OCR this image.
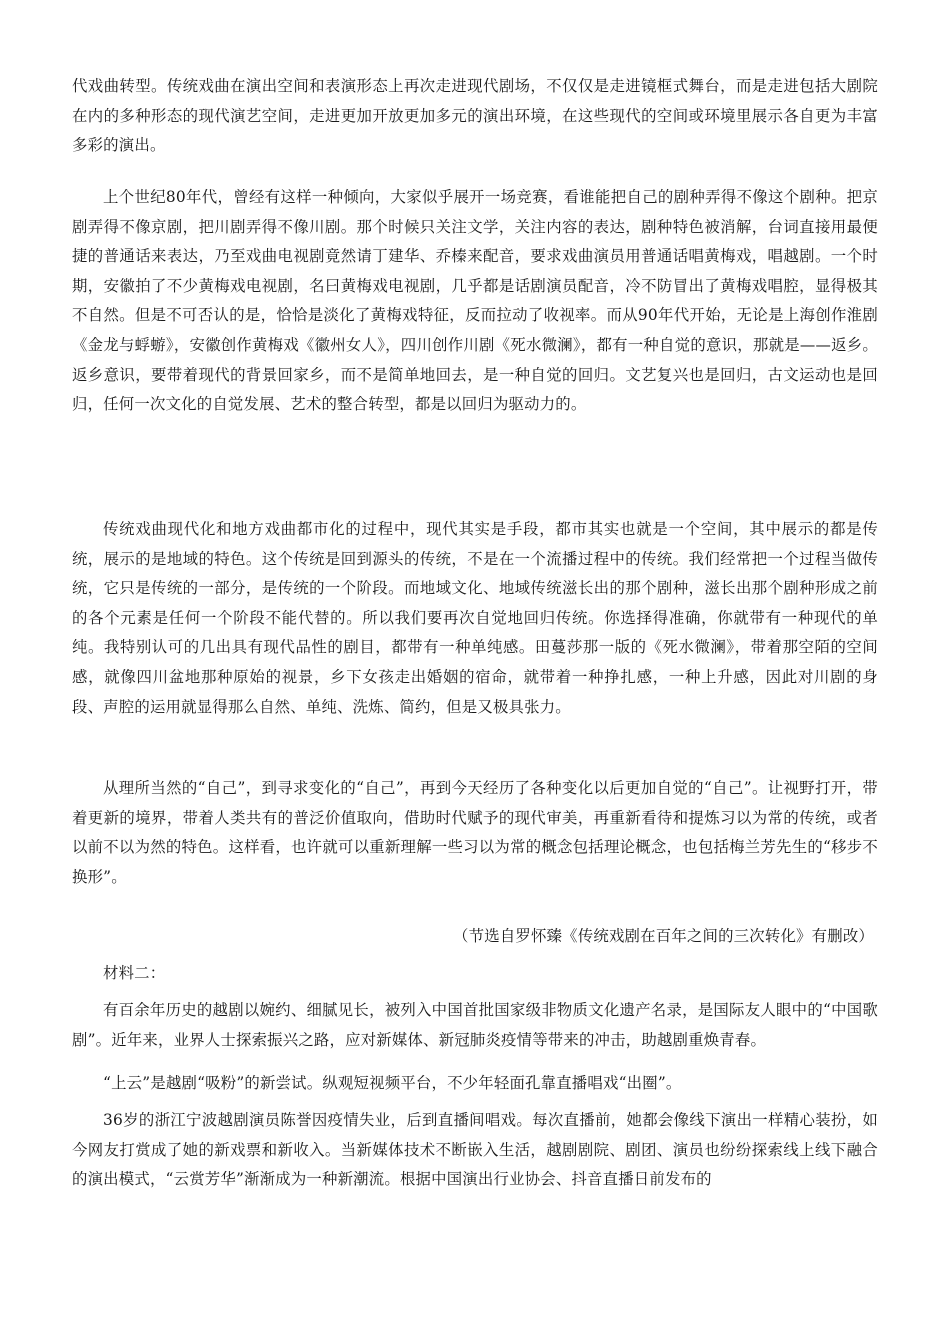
代戏曲转型。传统戏曲在演出空间和表演形态上再次走进现代剧场，不仅仅是走进镜框式舞台，而是走进包括大剧院在内的多种形态的现代演艺空间，走进更加开放更加多元的演出环境，在这些现代的空间或环境里展示各自更为丰富多彩的演出。

上个世纪80年代，曾经有这样一种倾向，大家似乎展开一场竞赛，看谁能把自己的剧种弄得不像这个剧种。把京剧弄得不像京剧，把川剧弄得不像川剧。那个时候只关注文学，关注内容的表达，剧种特色被消解，台词直接用最便捷的普通话来表达，乃至戏曲电视剧竟然请丁建华、乔榛来配音，要求戏曲演员用普通话唱黄梅戏，唱越剧。一个时期，安徽拍了不少黄梅戏电视剧，名曰黄梅戏电视剧，几乎都是话剧演员配音，冷不防冒出了黄梅戏唱腔，显得极其不自然。但是不可否认的是，恰恰是淡化了黄梅戏特征，反而拉动了收视率。而从90年代开始，无论是上海创作淮剧《金龙与蜉蝣》，安徽创作黄梅戏《徽州女人》，四川创作川剧《死水微澜》，都有一种自觉的意识，那就是——返乡。返乡意识，要带着现代的背景回家乡，而不是简单地回去，是一种自觉的回归。文艺复兴也是回归，古文运动也是回归，任何一次文化的自觉发展、艺术的整合转型，都是以回归为驱动力的。

传统戏曲现代化和地方戏曲都市化的过程中，现代其实是手段，都市其实也就是一个空间，其中展示的都是传统，展示的是地域的特色。这个传统是回到源头的传统，不是在一个流播过程中的传统。我们经常把一个过程当做传统，它只是传统的一部分，是传统的一个阶段。而地域文化、地域传统滋长出的那个剧种，滋长出那个剧种形成之前的各个元素是任何一个阶段不能代替的。所以我们要再次自觉地回归传统。你选择得准确，你就带有一种现代的单纯。我特别认可的几出具有现代品性的剧目，都带有一种单纯感。田蔓莎那一版的《死水微澜》，带着那空陌的空间感，就像四川盆地那种原始的视景，乡下女孩走出婚姻的宿命，就带着一种挣扎感，一种上升感，因此对川剧的身段、声腔的运用就显得那么自然、单纯、洗炼、简约，但是又极具张力。

从理所当然的“自己”，到寻求变化的“自己”，再到今天经历了各种变化以后更加自觉的“自己”。让视野打开，带着更新的境界，带着人类共有的普泛价值取向，借助时代赋予的现代审美，再重新看待和提炼习以为常的传统，或者以前不以为然的特色。这样看，也许就可以重新理解一些习以为常的概念包括理论概念，也包括梅兰芳先生的“移步不换形”。

（节选自罗怀臻《传统戏剧在百年之间的三次转化》有删改）

材料二：

有百余年历史的越剧以婉约、细腻见长，被列入中国首批国家级非物质文化遗产名录，是国际友人眼中的“中国歌剧”。近年来，业界人士探索振兴之路，应对新媒体、新冠肺炎疫情等带来的冲击，助越剧重焕青春。

“上云”是越剧“吸粉”的新尝试。纵观短视频平台，不少年轻面孔靠直播唱戏“出圈”。

36岁的浙江宁波越剧演员陈誉因疫情失业，后到直播间唱戏。每次直播前，她都会像线下演出一样精心装扮，如今网友打赏成了她的新戏票和新收入。当新媒体技术不断嵌入生活，越剧剧院、剧团、演员也纷纷探索线上线下融合的演出模式，“云赏芳华”渐渐成为一种新潮流。根据中国演出行业协会、抖音直播日前发布的
